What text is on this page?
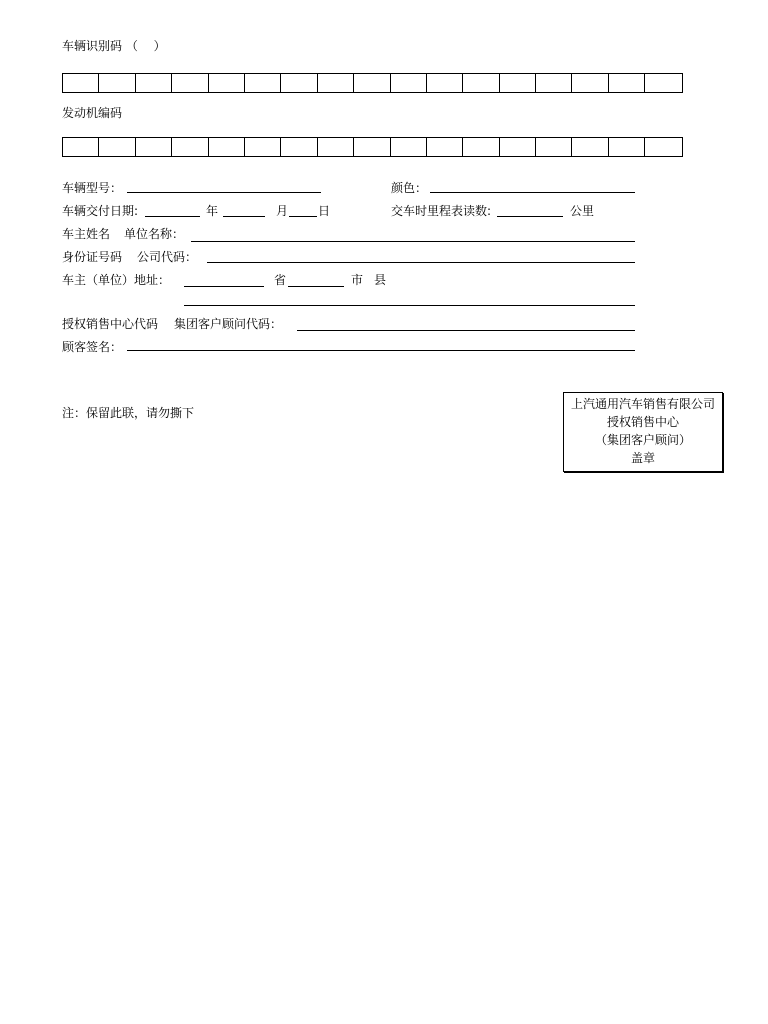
车辆识别码 （　 ）
发动机编码
车辆型号：	颜色：
车辆交付日期:	年	月 日	交车时里程表读数:	公里
车主姓名 单位名称：
身份证号码 公司代码：
车主（单位）地址：	省	市 县
授权销售中心代码 集团客户顾问代码：
顾客签名：
注：保留此联，请勿撕下
上汽通用汽车销售有限公司
授权销售中心
（集团客户顾问）
盖章
